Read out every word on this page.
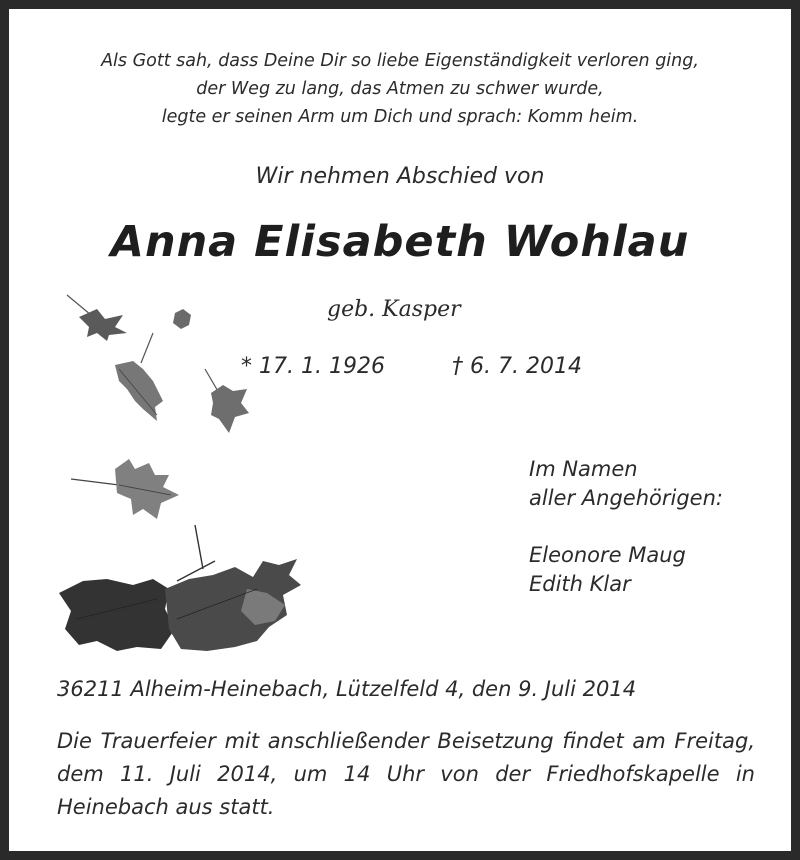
Als Gott sah, dass Deine Dir so liebe Eigenständigkeit verloren ging,
der Weg zu lang, das Atmen zu schwer wurde,
legte er seinen Arm um Dich und sprach: Komm heim.
Wir nehmen Abschied von
Anna Elisabeth Wohlau
geb. Kasper
* 17. 1. 1926	† 6. 7. 2014
Im Namen
aller Angehörigen:
Eleonore Maug
Edith Klar
36211 Alheim-Heinebach, Lützelfeld 4, den 9. Juli 2014
Die Trauerfeier mit anschließender Beisetzung findet am Freitag, dem 11. Juli 2014, um 14 Uhr von der Friedhofskapelle in Heinebach aus statt.
